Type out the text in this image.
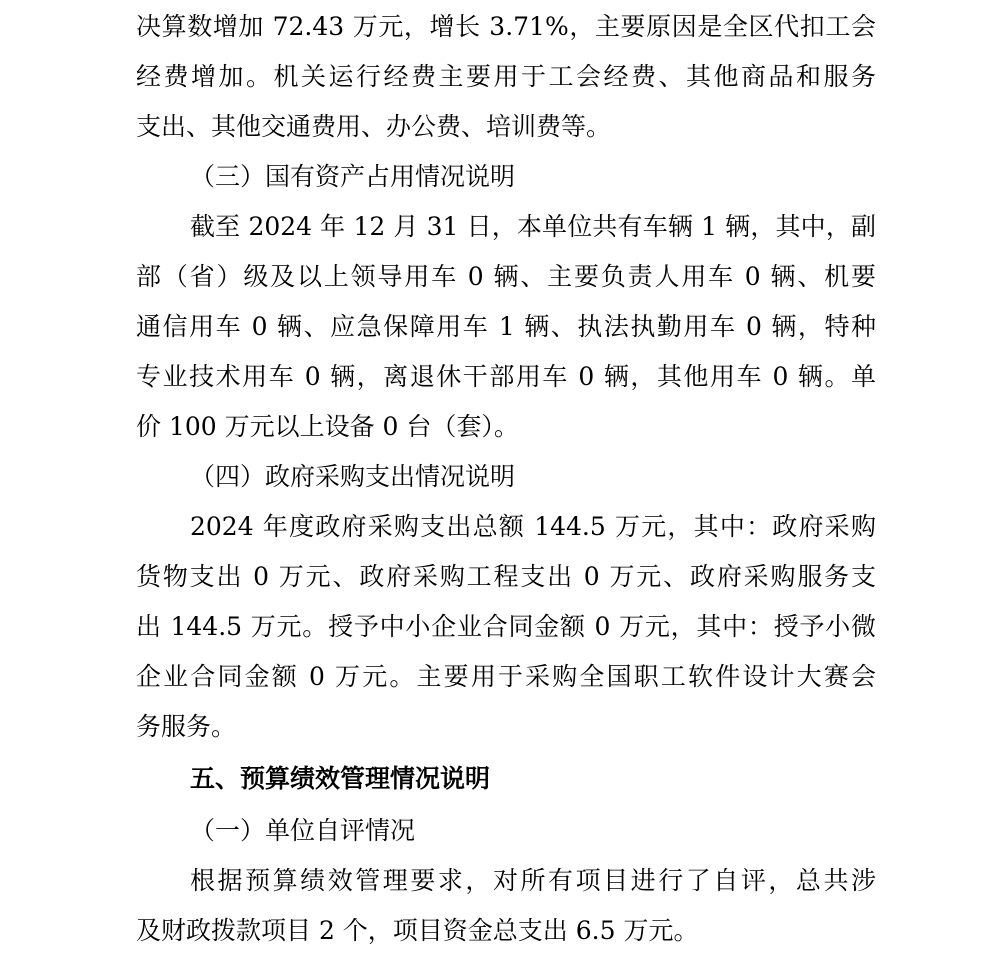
决算数增加 72.43 万元，增长 3.71%，主要原因是全区代扣工会
经费增加。机关运行经费主要用于工会经费、其他商品和服务
支出、其他交通费用、办公费、培训费等。
（三）国有资产占用情况说明
截至 2024 年 12 月 31 日，本单位共有车辆 1 辆，其中，副
部（省）级及以上领导用车 0 辆、主要负责人用车 0 辆、机要
通信用车 0 辆、应急保障用车 1 辆、执法执勤用车 0 辆，特种
专业技术用车 0 辆，离退休干部用车 0 辆，其他用车 0 辆。单
价 100 万元以上设备 0 台（套）。
（四）政府采购支出情况说明
2024 年度政府采购支出总额 144.5 万元，其中：政府采购
货物支出 0 万元、政府采购工程支出 0 万元、政府采购服务支
出 144.5 万元。授予中小企业合同金额 0 万元，其中：授予小微
企业合同金额 0 万元。主要用于采购全国职工软件设计大赛会
务服务。
五、预算绩效管理情况说明
（一）单位自评情况
根据预算绩效管理要求，对所有项目进行了自评，总共涉
及财政拨款项目 2 个，项目资金总支出 6.5 万元。
